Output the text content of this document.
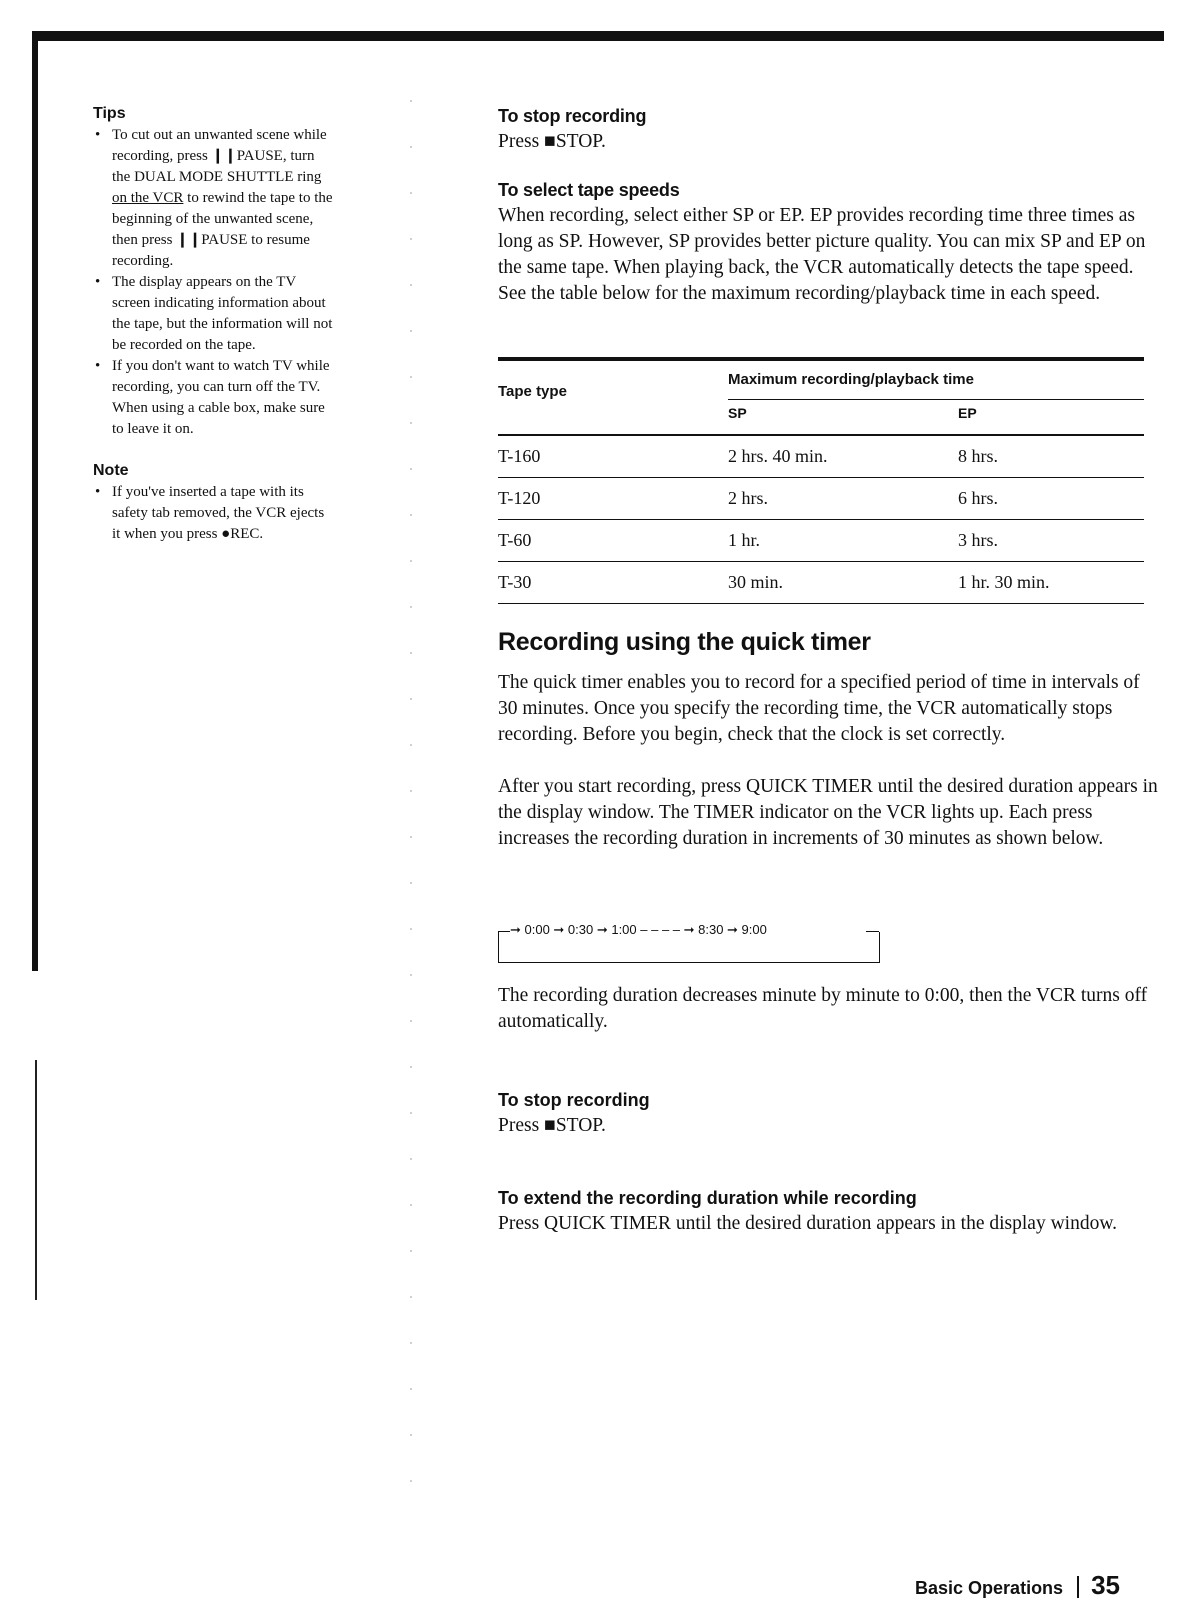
Tips
• To cut out an unwanted scene while recording, press ❙❙PAUSE, turn the DUAL MODE SHUTTLE ring on the VCR to rewind the tape to the beginning of the unwanted scene, then press ❙❙PAUSE to resume recording.
• The display appears on the TV screen indicating information about the tape, but the information will not be recorded on the tape.
• If you don't want to watch TV while recording, you can turn off the TV. When using a cable box, make sure to leave it on.
Note
• If you've inserted a tape with its safety tab removed, the VCR ejects it when you press ●REC.
To stop recording

Press ■STOP.

To select tape speeds

When recording, select either SP or EP. EP provides recording time three times as long as SP. However, SP provides better picture quality. You can mix SP and EP on the same tape. When playing back, the VCR automatically detects the tape speed. See the table below for the maximum recording/playback time in each speed.

Tape type
Maximum recording/playback time
SP	EP
T-160	2 hrs. 40 min.	8 hrs.
T-120	2 hrs.	6 hrs.
T-60	1 hr.	3 hrs.
T-30	30 min.	1 hr. 30 min.
Recording using the quick timer

The quick timer enables you to record for a specified period of time in intervals of 30 minutes. Once you specify the recording time, the VCR automatically stops recording. Before you begin, check that the clock is set correctly.

After you start recording, press QUICK TIMER until the desired duration appears in the display window. The TIMER indicator on the VCR lights up. Each press increases the recording duration in increments of 30 minutes as shown below.

➞ 0:00 ➞ 0:30 ➞ 1:00 – – – – ➞ 8:30 ➞ 9:00

The recording duration decreases minute by minute to 0:00, then the VCR turns off automatically.

To stop recording

Press ■STOP.

To extend the recording duration while recording

Press QUICK TIMER until the desired duration appears in the display window.

Basic Operations 35
